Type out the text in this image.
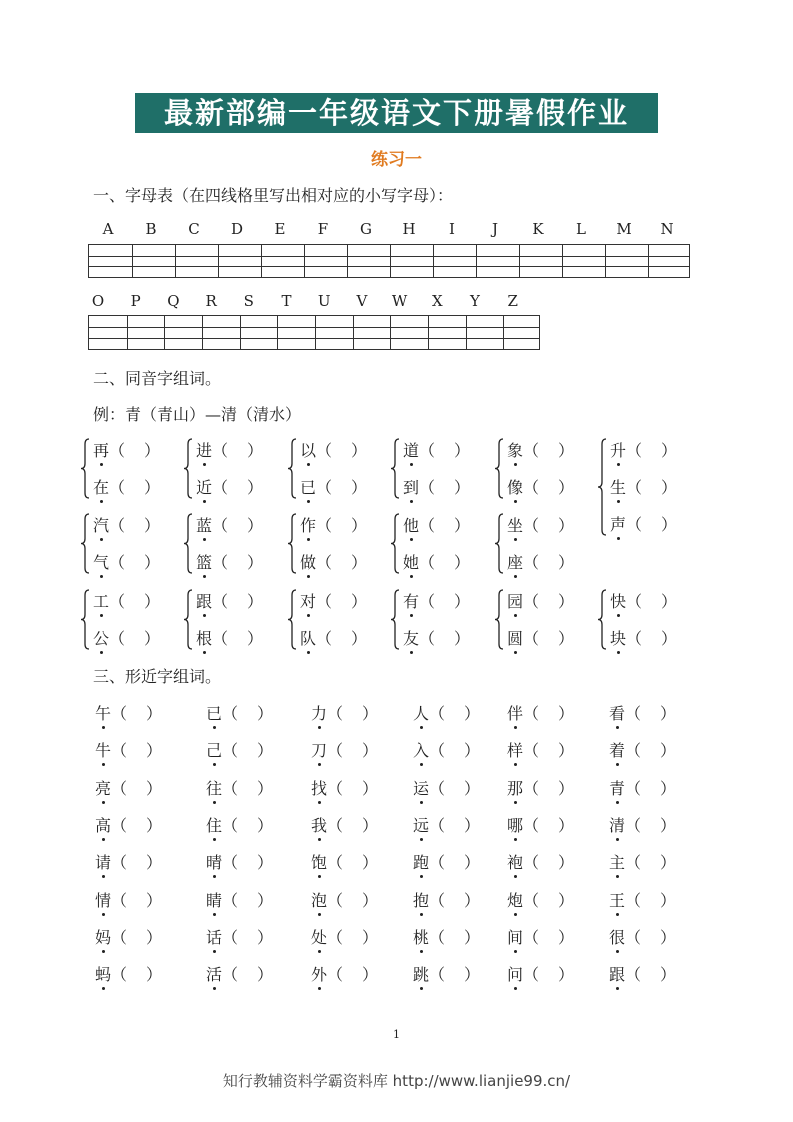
最新部编一年级语文下册暑假作业
练习一
一、字母表（在四线格里写出相对应的小写字母）：
A	B C D	E	F	G H	I	J	K	L	M N
O	P	Q R	S	T	U	V	W	X	Y	Z
二、同音字组词。
例：青（青山）—清（清水）
再（ ）
在（ ）
进（ ）
近（ ）
以（ ）
已（ ）
道（ ）
到（ ）
象（ ）
像（ ）
升（ ）
生（ ）
声（ ）
汽（ ）
气（ ）
蓝（ ）
篮（ ）
作（ ）
做（ ）
他（ ）
她（ ）
坐（ ）
座（ ）
工（ ）
公（ ）
跟（ ）
根（ ）
对（ ）
队（ ）
有（ ）
友（ ）
园（ ）
圆（ ）
快（ ）
块（ ）
三、形近字组词。
午（ ）	已（ ）	力（ ）	人（ ）	伴（ ）	看（ ）
牛（ ）	己（ ）	刀（ ）	入（ ）	样（ ）	着（ ）
亮（ ）	往（ ）	找（ ）	运（ ）	那（ ）	青（ ）
高（ ）	住（ ）	我（ ）	远（ ）	哪（ ）	清（ ）
请（ ）	晴（ ）	饱（ ）	跑（ ）	袍（ ）	主（ ）
情（ ）	睛（ ）	泡（ ）	抱（ ）	炮（ ）	王（ ）
妈（ ）	话（ ）	处（ ）	桃（ ）	间（ ）	很（ ）
蚂（ ）	活（ ）	外（ ）	跳（ ）	问（ ）	跟（ ）
1
知行教辅资料学霸资料库 http://www.lianjie99.cn/
